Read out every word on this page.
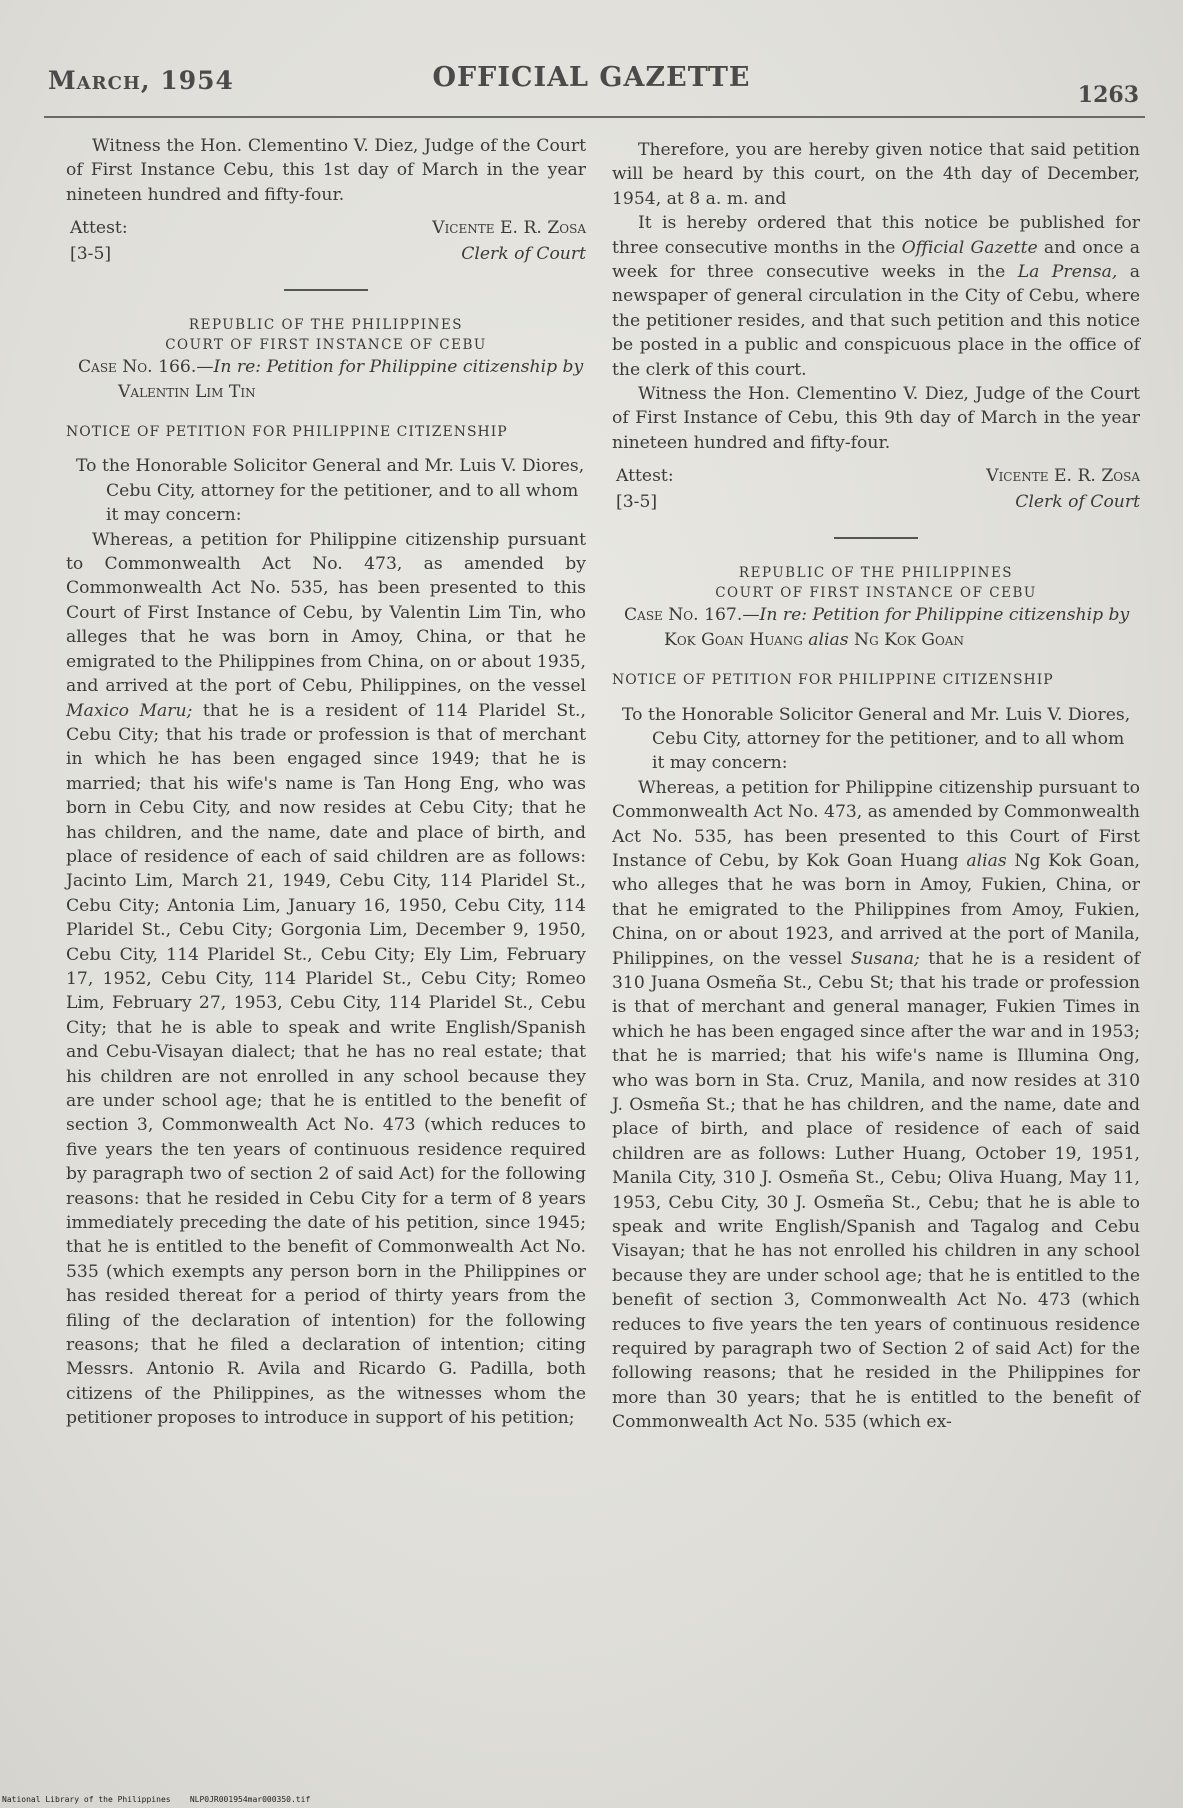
March, 1954	OFFICIAL GAZETTE
1263

Witness the Hon. Clementino V. Diez, Judge of the Court of First Instance Cebu, this 1st day of March in the year nineteen hundred and fifty-four.

Attest:
[3-5]
Vicente E. R. Zosa
Clerk of Court
REPUBLIC OF THE PHILIPPINES
COURT OF FIRST INSTANCE OF CEBU

Case No. 166.—In re: Petition for Philippine citizenship by Valentin Lim Tin

NOTICE OF PETITION FOR PHILIPPINE CITIZENSHIP

To the Honorable Solicitor General and Mr. Luis V. Diores, Cebu City, attorney for the petitioner, and to all whom it may concern:

Whereas, a petition for Philippine citizenship pursuant to Commonwealth Act No. 473, as amended by Commonwealth Act No. 535, has been presented to this Court of First Instance of Cebu, by Valentin Lim Tin, who alleges that he was born in Amoy, China, or that he emigrated to the Philippines from China, on or about 1935, and arrived at the port of Cebu, Philippines, on the vessel Maxico Maru; that he is a resident of 114 Plaridel St., Cebu City; that his trade or profession is that of merchant in which he has been engaged since 1949; that he is married; that his wife's name is Tan Hong Eng, who was born in Cebu City, and now resides at Cebu City; that he has children, and the name, date and place of birth, and place of residence of each of said children are as follows: Jacinto Lim, March 21, 1949, Cebu City, 114 Plaridel St., Cebu City; Antonia Lim, January 16, 1950, Cebu City, 114 Plaridel St., Cebu City; Gorgonia Lim, December 9, 1950, Cebu City, 114 Plaridel St., Cebu City; Ely Lim, February 17, 1952, Cebu City, 114 Plaridel St., Cebu City; Romeo Lim, February 27, 1953, Cebu City, 114 Plaridel St., Cebu City; that he is able to speak and write English/Spanish and Cebu-Visayan dialect; that he has no real estate; that his children are not enrolled in any school because they are under school age; that he is entitled to the benefit of section 3, Commonwealth Act No. 473 (which reduces to five years the ten years of continuous residence required by paragraph two of section 2 of said Act) for the following reasons: that he resided in Cebu City for a term of 8 years immediately preceding the date of his petition, since 1945; that he is entitled to the benefit of Commonwealth Act No. 535 (which exempts any person born in the Philippines or has resided thereat for a period of thirty years from the filing of the declaration of intention) for the following reasons; that he filed a declaration of intention; citing Messrs. Antonio R. Avila and Ricardo G. Padilla, both citizens of the Philippines, as the witnesses whom the petitioner proposes to introduce in support of his petition;

Therefore, you are hereby given notice that said petition will be heard by this court, on the 4th day of December, 1954, at 8 a. m. and

It is hereby ordered that this notice be published for three consecutive months in the Official Gazette and once a week for three consecutive weeks in the La Prensa, a newspaper of general circulation in the City of Cebu, where the petitioner resides, and that such petition and this notice be posted in a public and conspicuous place in the office of the clerk of this court.

Witness the Hon. Clementino V. Diez, Judge of the Court of First Instance of Cebu, this 9th day of March in the year nineteen hundred and fifty-four.

Attest:
[3-5]
Vicente E. R. Zosa
Clerk of Court
REPUBLIC OF THE PHILIPPINES
COURT OF FIRST INSTANCE OF CEBU

Case No. 167.—In re: Petition for Philippine citizenship by Kok Goan Huang alias Ng Kok Goan

NOTICE OF PETITION FOR PHILIPPINE CITIZENSHIP

To the Honorable Solicitor General and Mr. Luis V. Diores, Cebu City, attorney for the petitioner, and to all whom it may concern:

Whereas, a petition for Philippine citizenship pursuant to Commonwealth Act No. 473, as amended by Commonwealth Act No. 535, has been presented to this Court of First Instance of Cebu, by Kok Goan Huang alias Ng Kok Goan, who alleges that he was born in Amoy, Fukien, China, or that he emigrated to the Philippines from Amoy, Fukien, China, on or about 1923, and arrived at the port of Manila, Philippines, on the vessel Susana; that he is a resident of 310 Juana Osmeña St., Cebu St; that his trade or profession is that of merchant and general manager, Fukien Times in which he has been engaged since after the war and in 1953; that he is married; that his wife's name is Illumina Ong, who was born in Sta. Cruz, Manila, and now resides at 310 J. Osmeña St.; that he has children, and the name, date and place of birth, and place of residence of each of said children are as follows: Luther Huang, October 19, 1951, Manila City, 310 J. Osmeña St., Cebu; Oliva Huang, May 11, 1953, Cebu City, 30 J. Osmeña St., Cebu; that he is able to speak and write English/Spanish and Tagalog and Cebu Visayan; that he has not enrolled his children in any school because they are under school age; that he is entitled to the benefit of section 3, Commonwealth Act No. 473 (which reduces to five years the ten years of continuous residence required by paragraph two of Section 2 of said Act) for the following reasons; that he resided in the Philippines for more than 30 years; that he is entitled to the benefit of Commonwealth Act No. 535 (which ex-

National Library of the Philippines NLP0JR001954mar000350.tif
